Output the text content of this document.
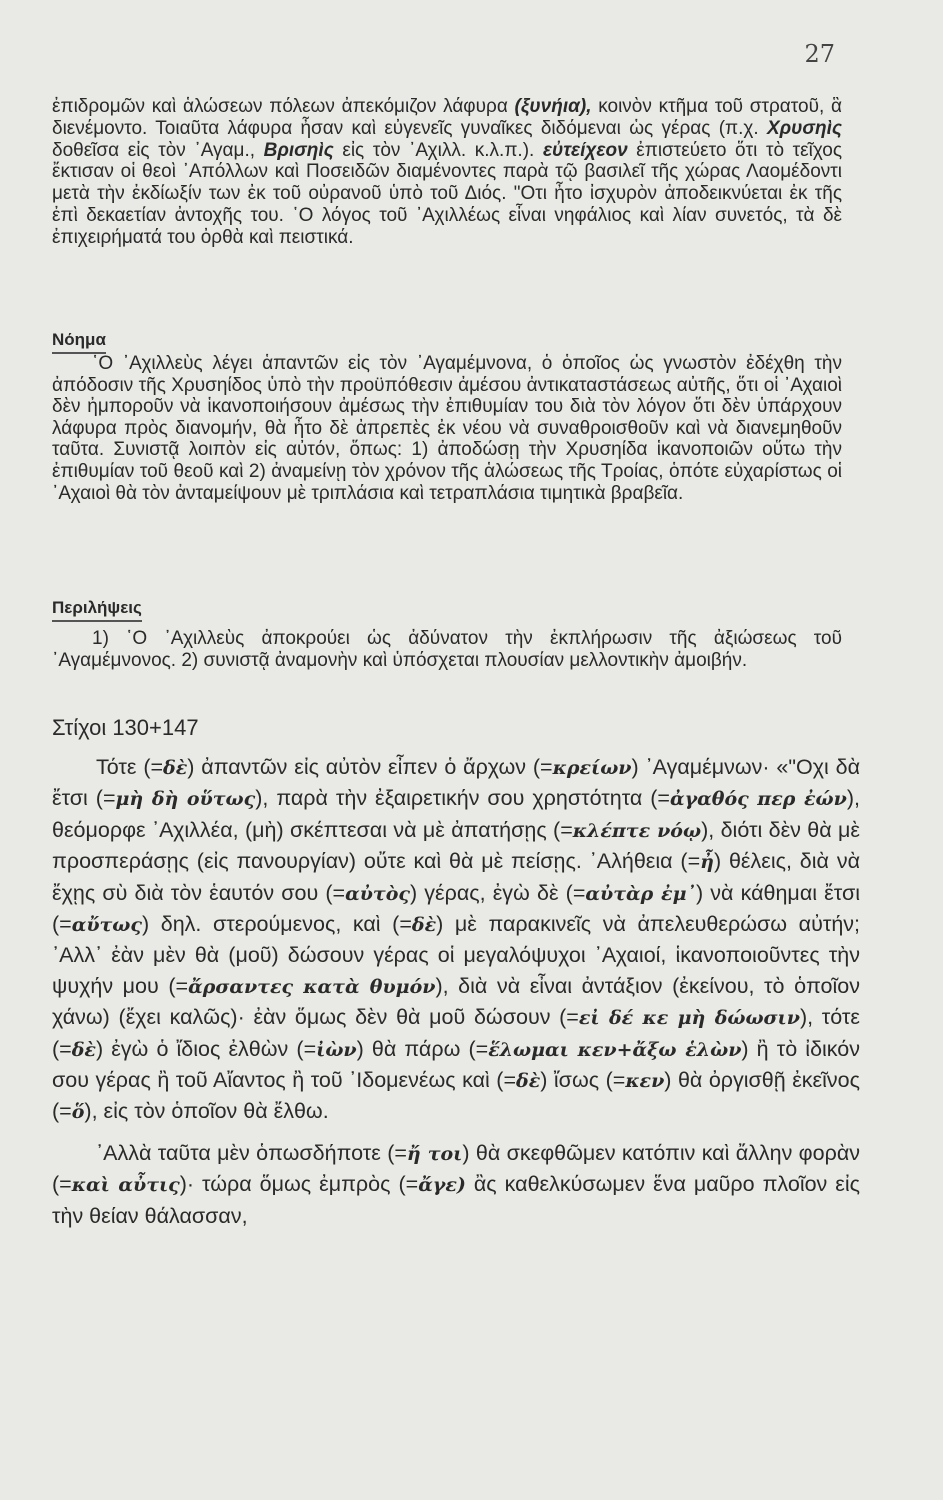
27
ἐπιδρομῶν καὶ ἁλώσεων πόλεων ἀπεκόμιζον λάφυρα (ξυνήια), κοινὸν κτῆμα τοῦ στρατοῦ, ἃ διενέμοντο. Τοιαῦτα λάφυρα ἦσαν καὶ εὐγενεῖς γυναῖκες διδόμεναι ὡς γέρας (π.χ. Χρυσηὶς δοθεῖσα εἰς τὸν ᾿Αγαμ., Βρισηὶς εἰς τὸν ᾿Αχιλλ. κ.λ.π.). εὐτείχεον ἐπιστεύετο ὅτι τὸ τεῖχος ἔκτισαν οἱ θεοὶ ᾿Απόλλων καὶ Ποσειδῶν διαμένοντες παρὰ τῷ βασιλεῖ τῆς χώρας Λαομέδοντι μετὰ τὴν ἐκδίωξίν των ἐκ τοῦ οὐρανοῦ ὑπὸ τοῦ Διός. "Οτι ἦτο ἰσχυρὸν ἀποδεικνύεται ἐκ τῆς ἐπὶ δεκαετίαν ἀντοχῆς του. ῾Ο λόγος τοῦ ᾿Αχιλλέως εἶναι νηφάλιος καὶ λίαν συνετός, τὰ δὲ ἐπιχειρήματά του ὀρθὰ καὶ πειστικά.
Νόημα
῾Ο ᾿Αχιλλεὺς λέγει ἁπαντῶν εἰς τὸν ᾿Αγαμέμνονα, ὁ ὁποῖος ὡς γνωστὸν ἐδέχθη τὴν ἀπόδοσιν τῆς Χρυσηίδος ὑπὸ τὴν προϋπόθεσιν ἀμέσου ἀντικαταστάσεως αὐτῆς, ὅτι οἱ ᾿Αχαιοὶ δὲν ἠμποροῦν νὰ ἱκανοποιήσουν ἀμέσως τὴν ἐπιθυμίαν του διὰ τὸν λόγον ὅτι δὲν ὑπάρχουν λάφυρα πρὸς διανομήν, θὰ ἦτο δὲ ἀπρεπὲς ἐκ νέου νὰ συναθροισθοῦν καὶ νὰ διανεμηθοῦν ταῦτα. Συνιστᾷ λοιπὸν εἰς αὐτόν, ὅπως: 1) ἀποδώσῃ τὴν Χρυσηίδα ἱκανοποιῶν οὕτω τὴν ἐπιθυμίαν τοῦ θεοῦ καὶ 2) ἀναμείνῃ τὸν χρόνον τῆς ἁλώσεως τῆς Τροίας, ὁπότε εὐχαρίστως οἱ ᾿Αχαιοὶ θὰ τὸν ἀνταμείψουν μὲ τριπλάσια καὶ τετραπλάσια τιμητικὰ βραβεῖα.
Περιλήψεις
1) ῾Ο ᾿Αχιλλεὺς ἀποκρούει ὡς ἀδύνατον τὴν ἐκπλήρωσιν τῆς ἀξιώσεως τοῦ ᾿Αγαμέμνονος. 2) συνιστᾷ ἀναμονὴν καὶ ὑπόσχεται πλουσίαν μελλοντικὴν ἀμοιβήν.
Στίχοι 130+147

Τότε (=δὲ) ἀπαντῶν εἰς αὐτὸν εἶπεν ὁ ἄρχων (=κρείων) ᾿Αγαμέμνων· «"Οχι δὰ ἔτσι (=μὴ δὴ οὕτως), παρὰ τὴν ἐξαιρετικήν σου χρηστότητα (=ἀγαθός περ ἐών), θεόμορφε ᾿Αχιλλέα, (μὴ) σκέπτεσαι νὰ μὲ ἀπατήσῃς (=κλέπτε νόῳ), διότι δὲν θὰ μὲ προσπεράσῃς (εἰς πανουργίαν) οὔτε καὶ θὰ μὲ πείσῃς. ᾿Αλήθεια (=ἦ) θέλεις, διὰ νὰ ἔχῃς σὺ διὰ τὸν ἑαυτόν σου (=αὐτὸς) γέρας, ἐγὼ δὲ (=αὐτὰρ ἐμ᾿) νὰ κάθημαι ἔτσι (=αὔτως) δηλ. στερούμενος, καὶ (=δὲ) μὲ παρακινεῖς νὰ ἀπελευθερώσω αὐτήν; ᾿Αλλ᾿ ἐὰν μὲν θὰ (μοῦ) δώσουν γέρας οἱ μεγαλόψυχοι ᾿Αχαιοί, ἱκανοποιοῦντες τὴν ψυχήν μου (=ἄρσαντες κατὰ θυμόν), διὰ νὰ εἶναι ἀντάξιον (ἐκείνου, τὸ ὁποῖον χάνω) (ἔχει καλῶς)· ἐὰν ὅμως δὲν θὰ μοῦ δώσουν (=εἰ δέ κε μὴ δώωσιν), τότε (=δὲ) ἐγὼ ὁ ἴδιος ἐλθὼν (=ἰὼν) θὰ πάρω (=ἕλωμαι κεν+ἄξω ἑλὼν) ἢ τὸ ἰδικόν σου γέρας ἢ τοῦ Αἴαντος ἢ τοῦ ᾿Ιδομενέως καὶ (=δὲ) ἴσως (=κεν) θὰ ὀργισθῇ ἐκεῖνος (=ὅ), εἰς τὸν ὁποῖον θὰ ἔλθω.

᾿Αλλὰ ταῦτα μὲν ὁπωσδήποτε (=ἤ τοι) θὰ σκεφθῶμεν κατόπιν καὶ ἄλλην φορὰν (=καὶ αὖτις)· τώρα ὅμως ἐμπρὸς (=ἄγε) ἂς καθελκύσωμεν ἕνα μαῦρο πλοῖον εἰς τὴν θείαν θάλασσαν,
